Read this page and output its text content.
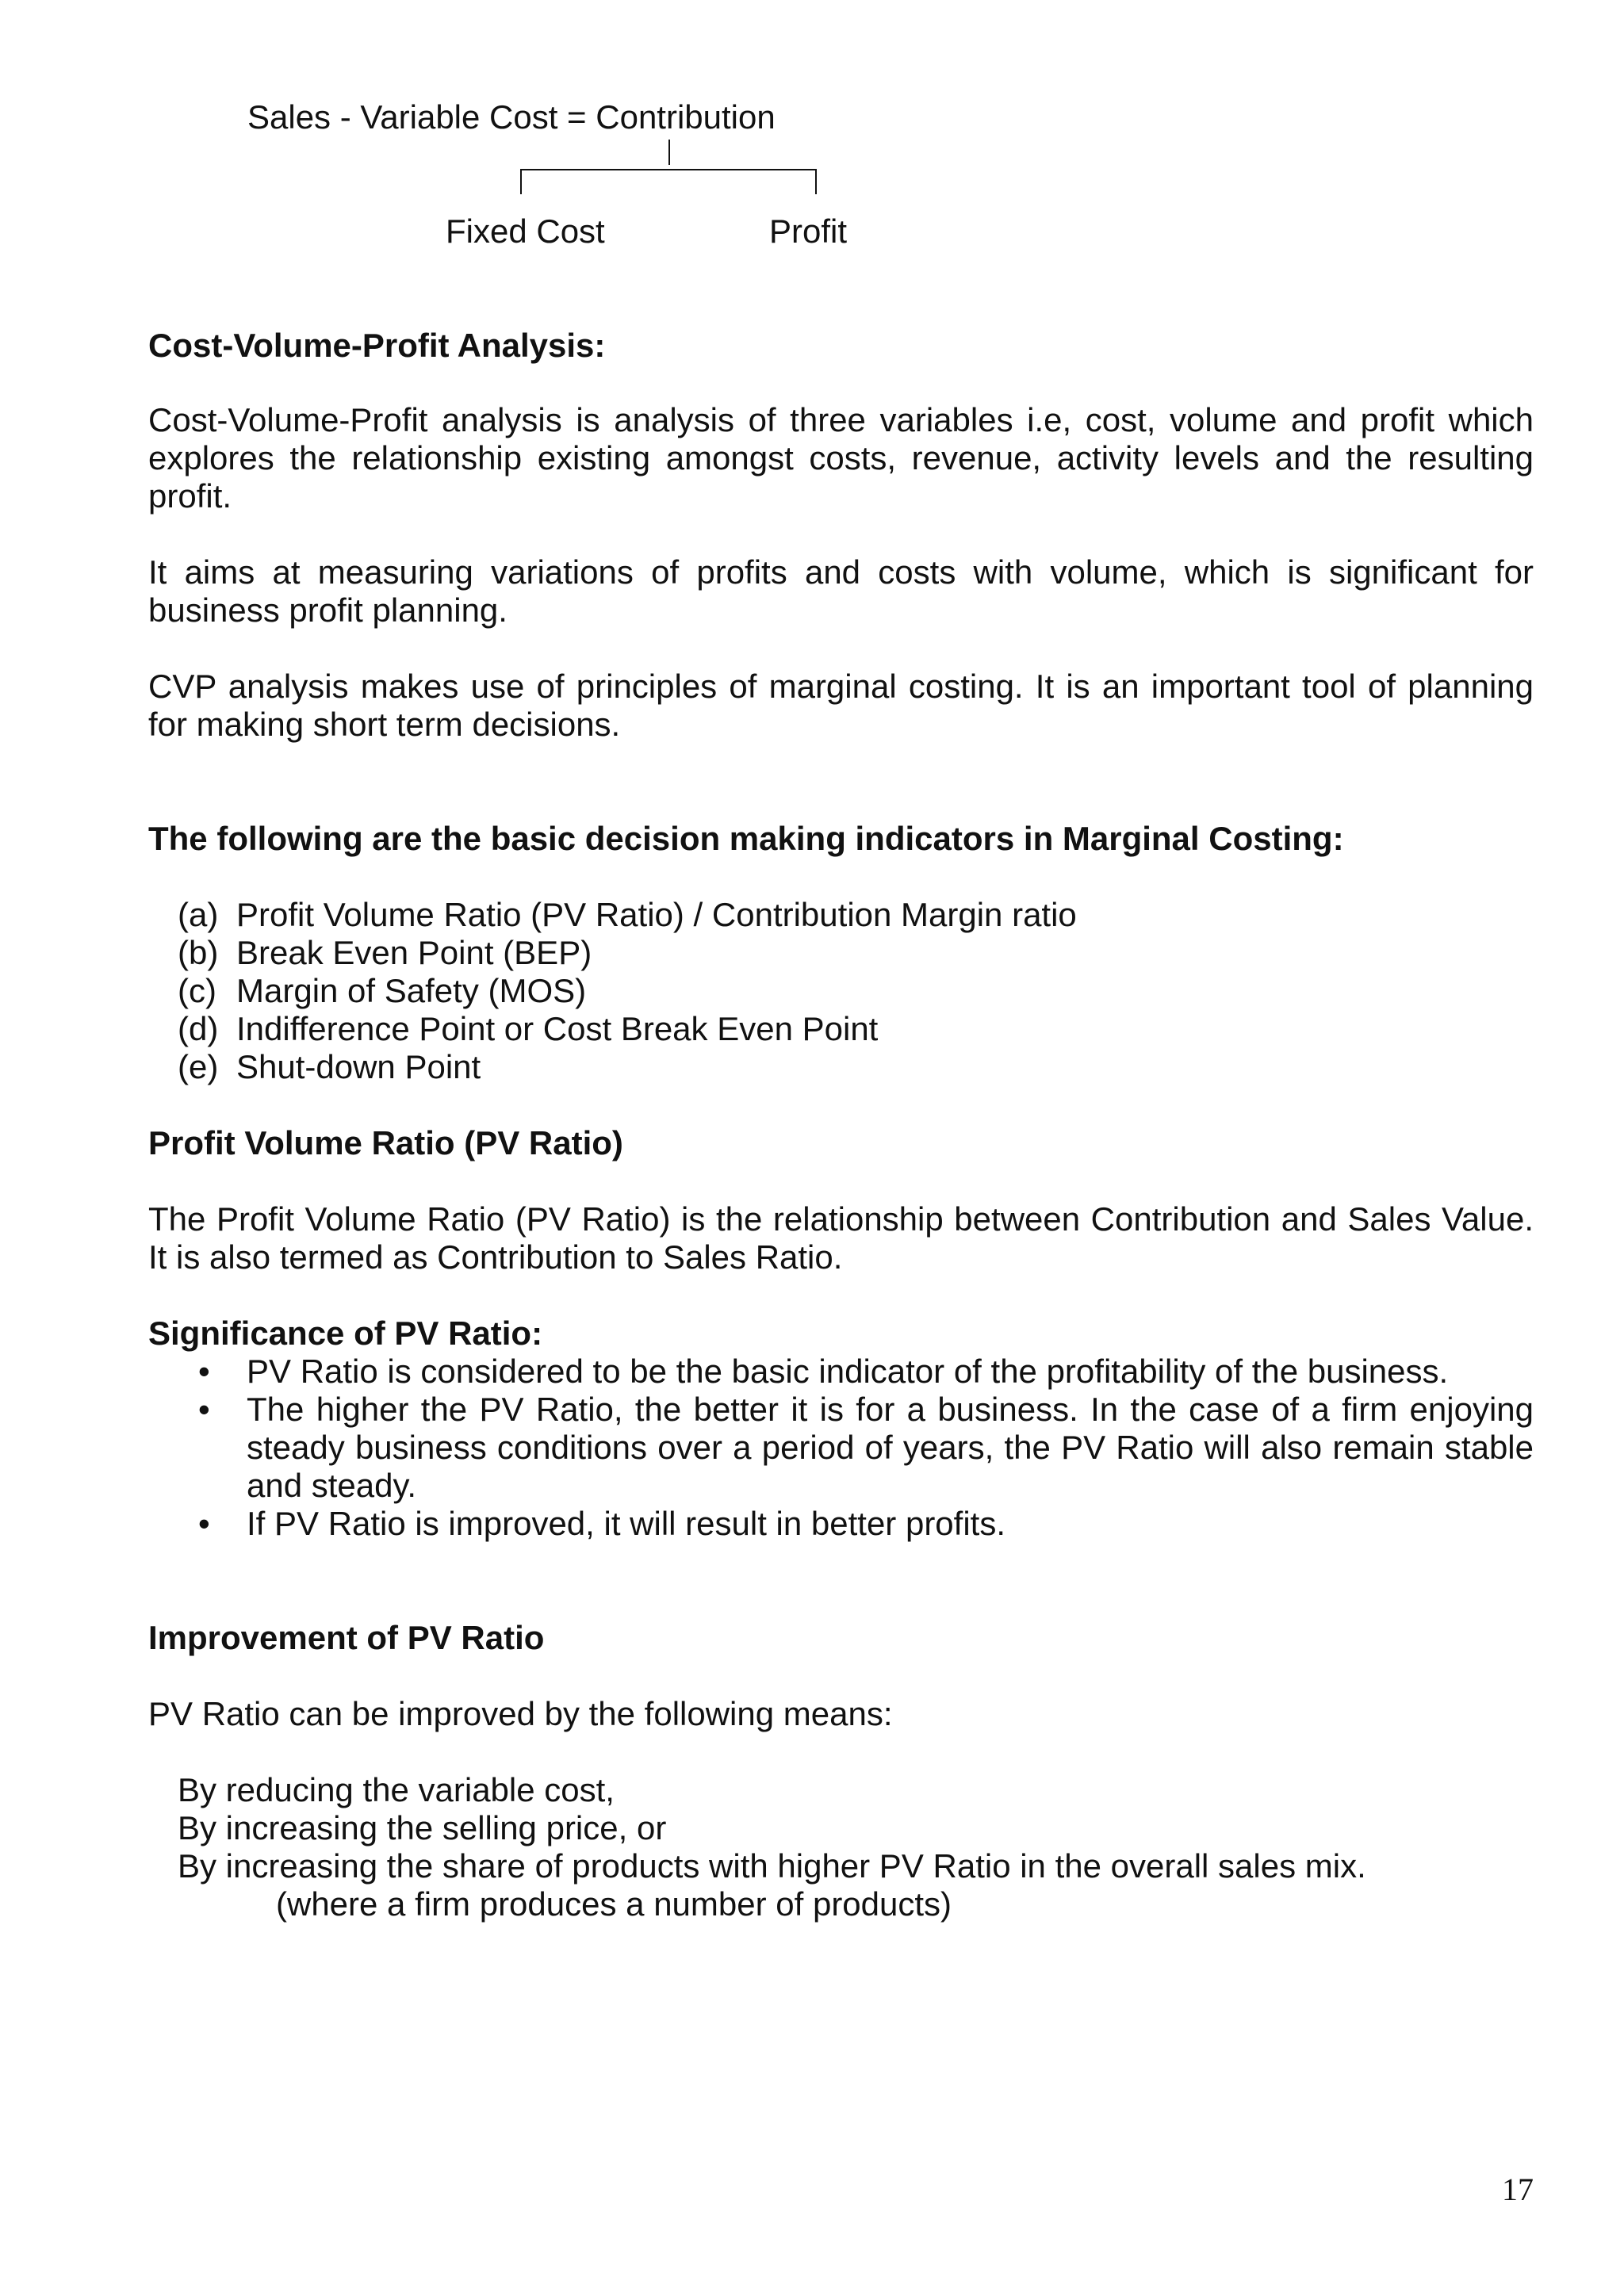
Sales - Variable Cost = Contribution
Fixed Cost	Profit
Cost-Volume-Profit Analysis:
Cost-Volume-Profit analysis is analysis of three variables i.e, cost, volume and profit which explores the relationship existing amongst costs, revenue, activity levels and the resulting profit.
It aims at measuring variations of profits and costs with volume, which is significant for business profit planning.
CVP analysis makes use of principles of marginal costing. It is an important tool of planning for making short term decisions.
The following are the basic decision making indicators in Marginal Costing:
(a) Profit Volume Ratio (PV Ratio) / Contribution Margin ratio
(b) Break Even Point (BEP)
(c) Margin of Safety (MOS)
(d) Indifference Point or Cost Break Even Point
(e) Shut-down Point
Profit Volume Ratio (PV Ratio)
The Profit Volume Ratio (PV Ratio) is the relationship between Contribution and Sales Value. It is also termed as Contribution to Sales Ratio.
Significance of PV Ratio:
• PV Ratio is considered to be the basic indicator of the profitability of the business.
• The higher the PV Ratio, the better it is for a business. In the case of a firm enjoying steady business conditions over a period of years, the PV Ratio will also remain stable and steady.
• If PV Ratio is improved, it will result in better profits.
Improvement of PV Ratio
PV Ratio can be improved by the following means:
By reducing the variable cost,
By increasing the selling price, or
By increasing the share of products with higher PV Ratio in the overall sales mix.
(where a firm produces a number of products)
17
